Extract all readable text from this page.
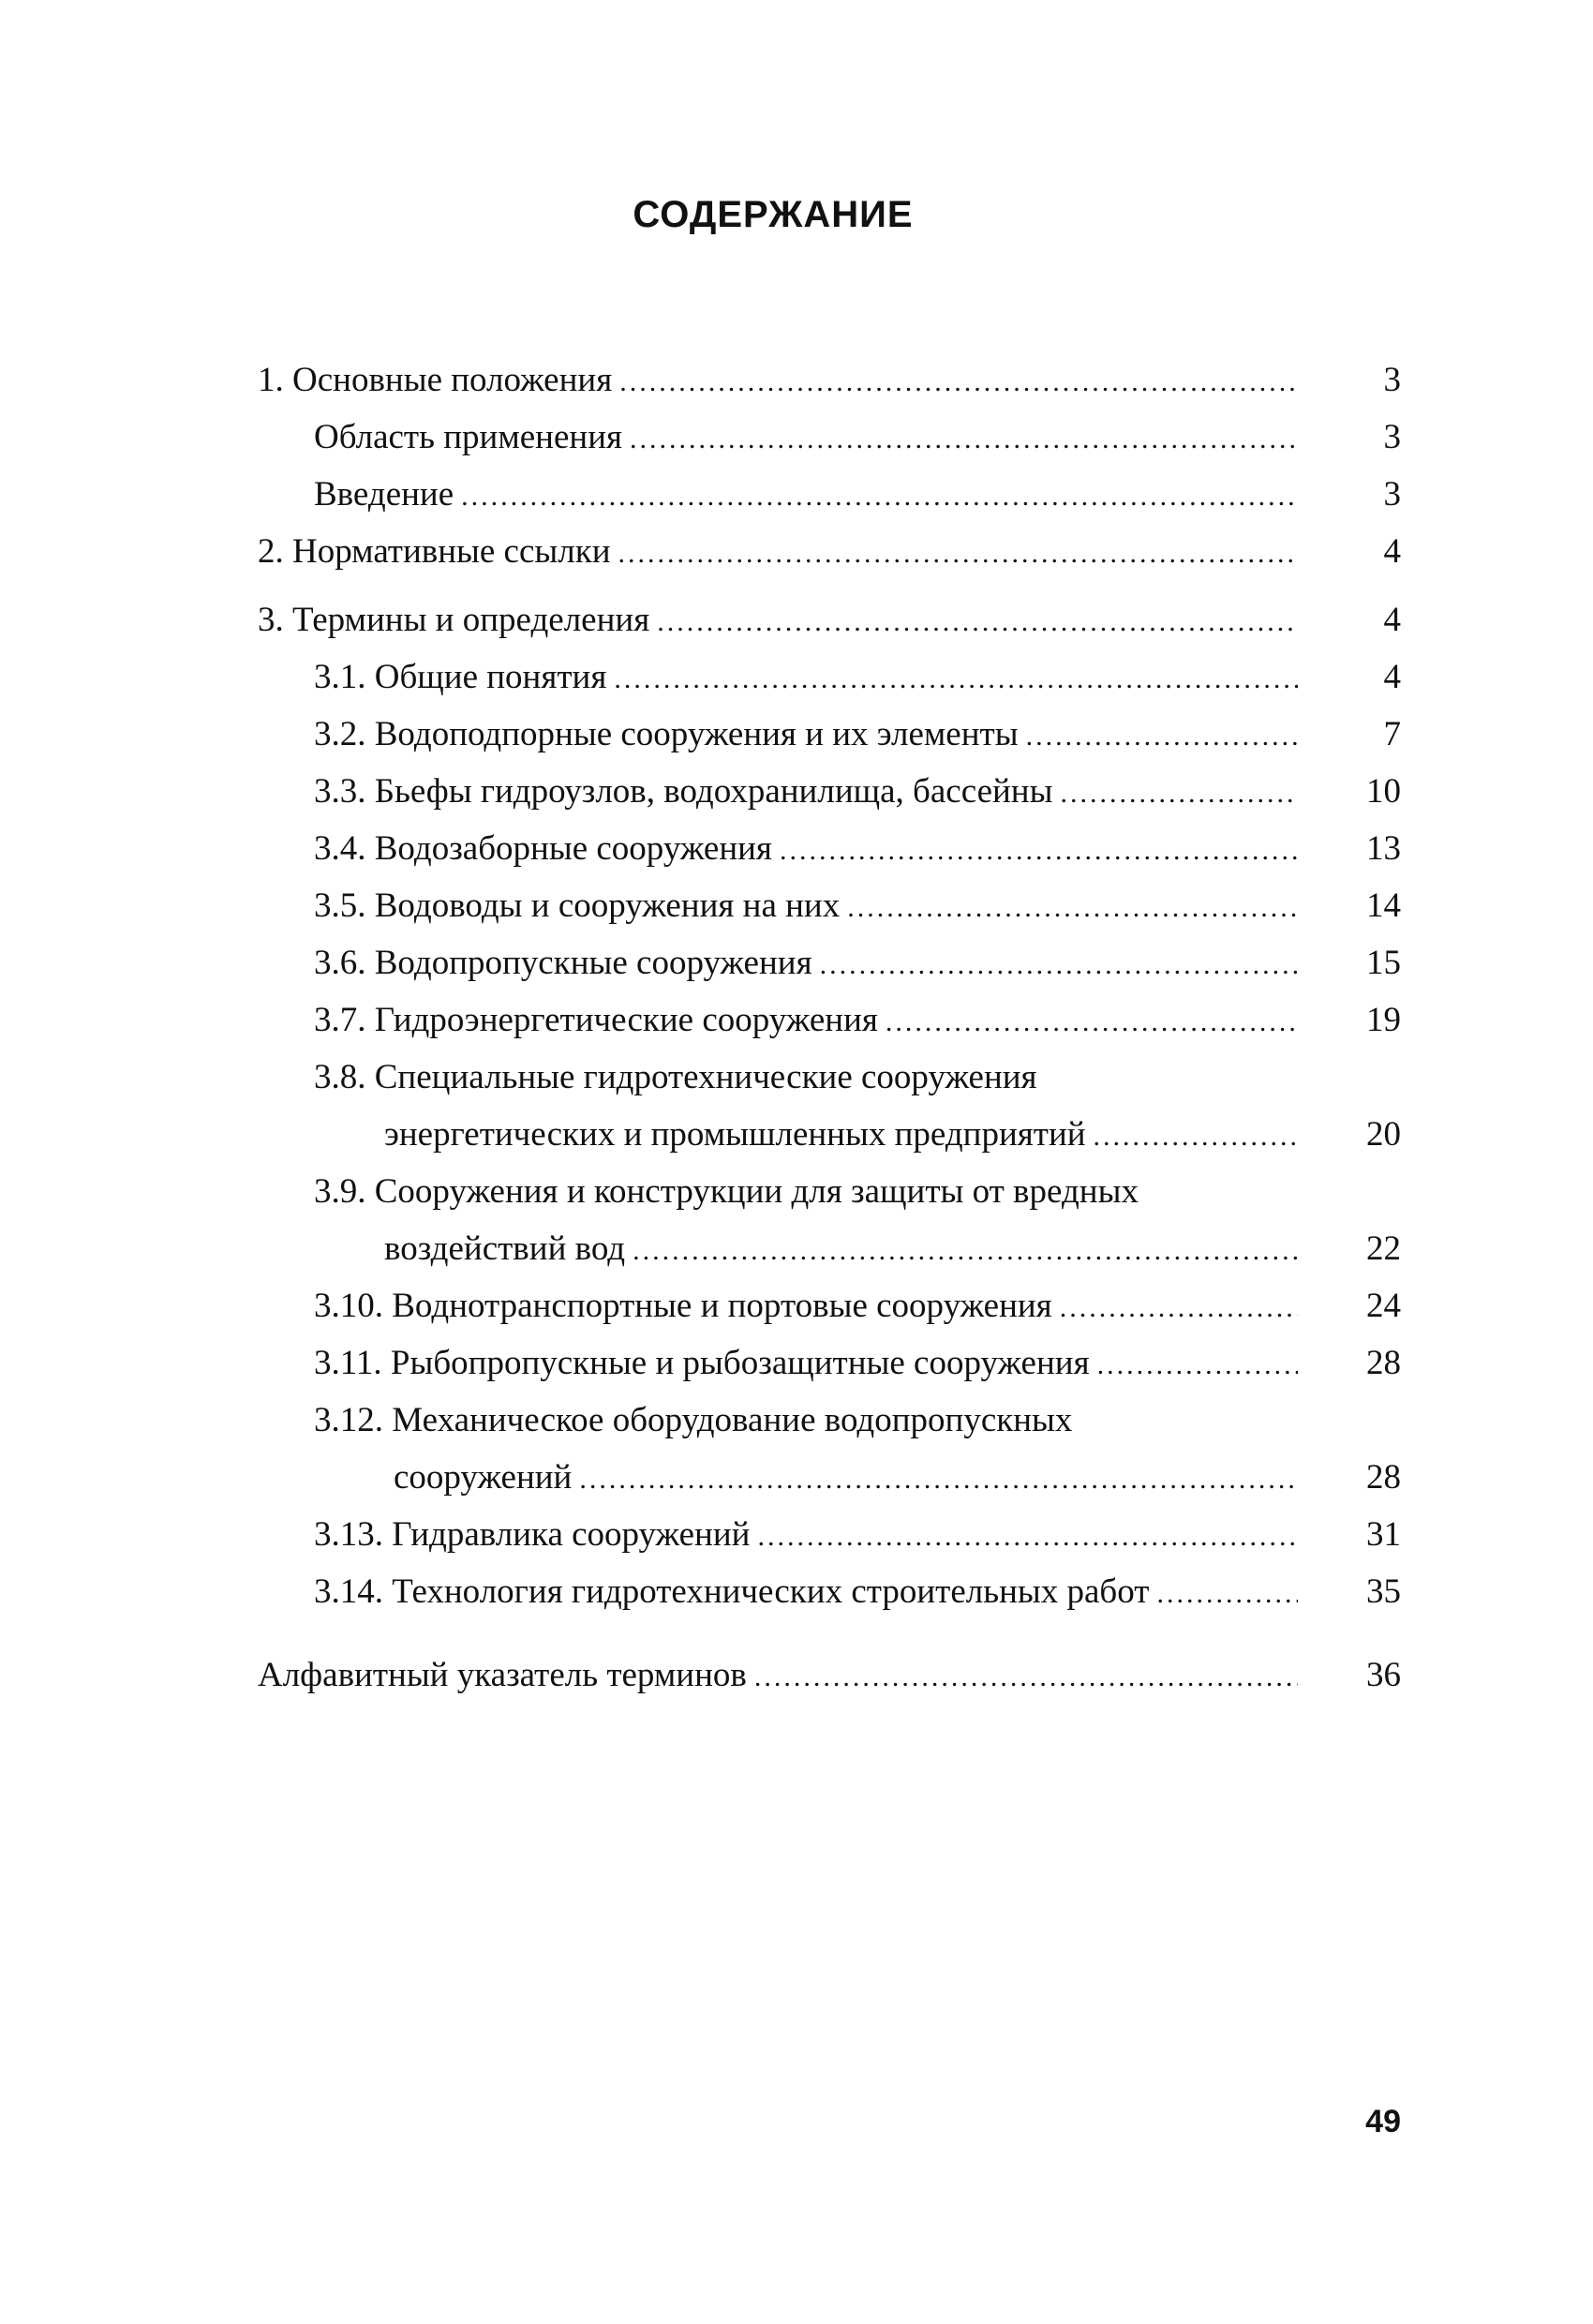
СОДЕРЖАНИЕ
1. Основные положения .....	3
Область применения .....	3
Введение .....	3
2. Нормативные ссылки .....	4
3. Термины и определения .....	4
3.1. Общие понятия .....	4
3.2. Водоподпорные сооружения и их элементы .....	7
3.3. Бьефы гидроузлов, водохранилища, бассейны .....	10
3.4. Водозаборные сооружения .....	13
3.5. Водоводы и сооружения на них .....	14
3.6. Водопропускные сооружения .....	15
3.7. Гидроэнергетические сооружения .....	19
3.8. Специальные гидротехнические сооружения
энергетических и промышленных предприятий .....	20
3.9. Сооружения и конструкции для защиты от вредных
воздействий вод .....	22
3.10. Воднотранспортные и портовые сооружения .....	24
3.11. Рыбопропускные и рыбозащитные сооружения .....	28
3.12. Механическое оборудование водопропускных
сооружений .....	28
3.13. Гидравлика сооружений .....	31
3.14. Технология гидротехнических строительных работ .....	35
Алфавитный указатель терминов .....	36
49
